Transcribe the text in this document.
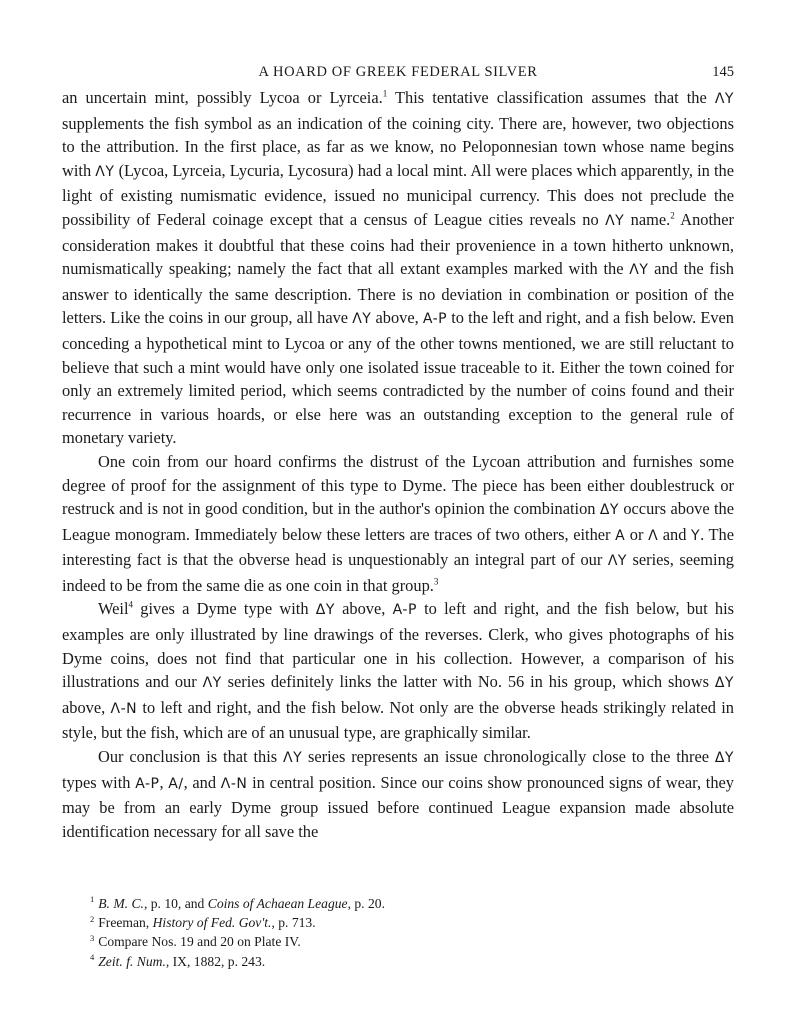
A HOARD OF GREEK FEDERAL SILVER	145

an uncertain mint, possibly Lycoa or Lyrceia.$^1$ This tentative classification assumes that the ΛY supplements the fish symbol as an indication of the coining city. There are, however, two objections to the attribution. In the first place, as far as we know, no Peloponnesian town whose name begins with ΛY (Lycoa, Lyrceia, Lycuria, Lycosura) had a local mint. All were places which apparently, in the light of existing numismatic evidence, issued no municipal currency. This does not preclude the possibility of Federal coinage except that a census of League cities reveals no ΛY name.$^2$ Another consideration makes it doubtful that these coins had their provenience in a town hitherto unknown, numismatically speaking; namely the fact that all extant examples marked with the ΛY and the fish answer to identically the same description. There is no deviation in combination or position of the letters. Like the coins in our group, all have ΛY above, A-P to the left and right, and a fish below. Even conceding a hypothetical mint to Lycoa or any of the other towns mentioned, we are still reluctant to believe that such a mint would have only one isolated issue traceable to it. Either the town coined for only an extremely limited period, which seems contradicted by the number of coins found and their recurrence in various hoards, or else here was an outstanding exception to the general rule of monetary variety.

One coin from our hoard confirms the distrust of the Lycoan attribution and furnishes some degree of proof for the assignment of this type to Dyme. The piece has been either doublestruck or restruck and is not in good condition, but in the author's opinion the combination ΔY occurs above the League monogram. Immediately below these letters are traces of two others, either A or Λ and Y. The interesting fact is that the obverse head is unquestionably an integral part of our ΛY series, seeming indeed to be from the same die as one coin in that group.$^3$

Weil$^4$ gives a Dyme type with ΔY above, A-P to left and right, and the fish below, but his examples are only illustrated by line drawings of the reverses. Clerk, who gives photographs of his Dyme coins, does not find that particular one in his collection. However, a comparison of his illustrations and our ΛY series definitely links the latter with No. 56 in his group, which shows ΔY above, Λ-N to left and right, and the fish below. Not only are the obverse heads strikingly related in style, but the fish, which are of an unusual type, are graphically similar.

Our conclusion is that this ΛY series represents an issue chronologically close to the three ΔY types with A-P, A∕, and Λ-N in central position. Since our coins show pronounced signs of wear, they may be from an early Dyme group issued before continued League expansion made absolute identification necessary for all save the

$^1$ B. M. C., p. 10, and Coins of Achaean League, p. 20.
$^2$ Freeman, History of Fed. Gov't., p. 713.
$^3$ Compare Nos. 19 and 20 on Plate IV.
$^4$ Zeit. f. Num., IX, 1882, p. 243.
